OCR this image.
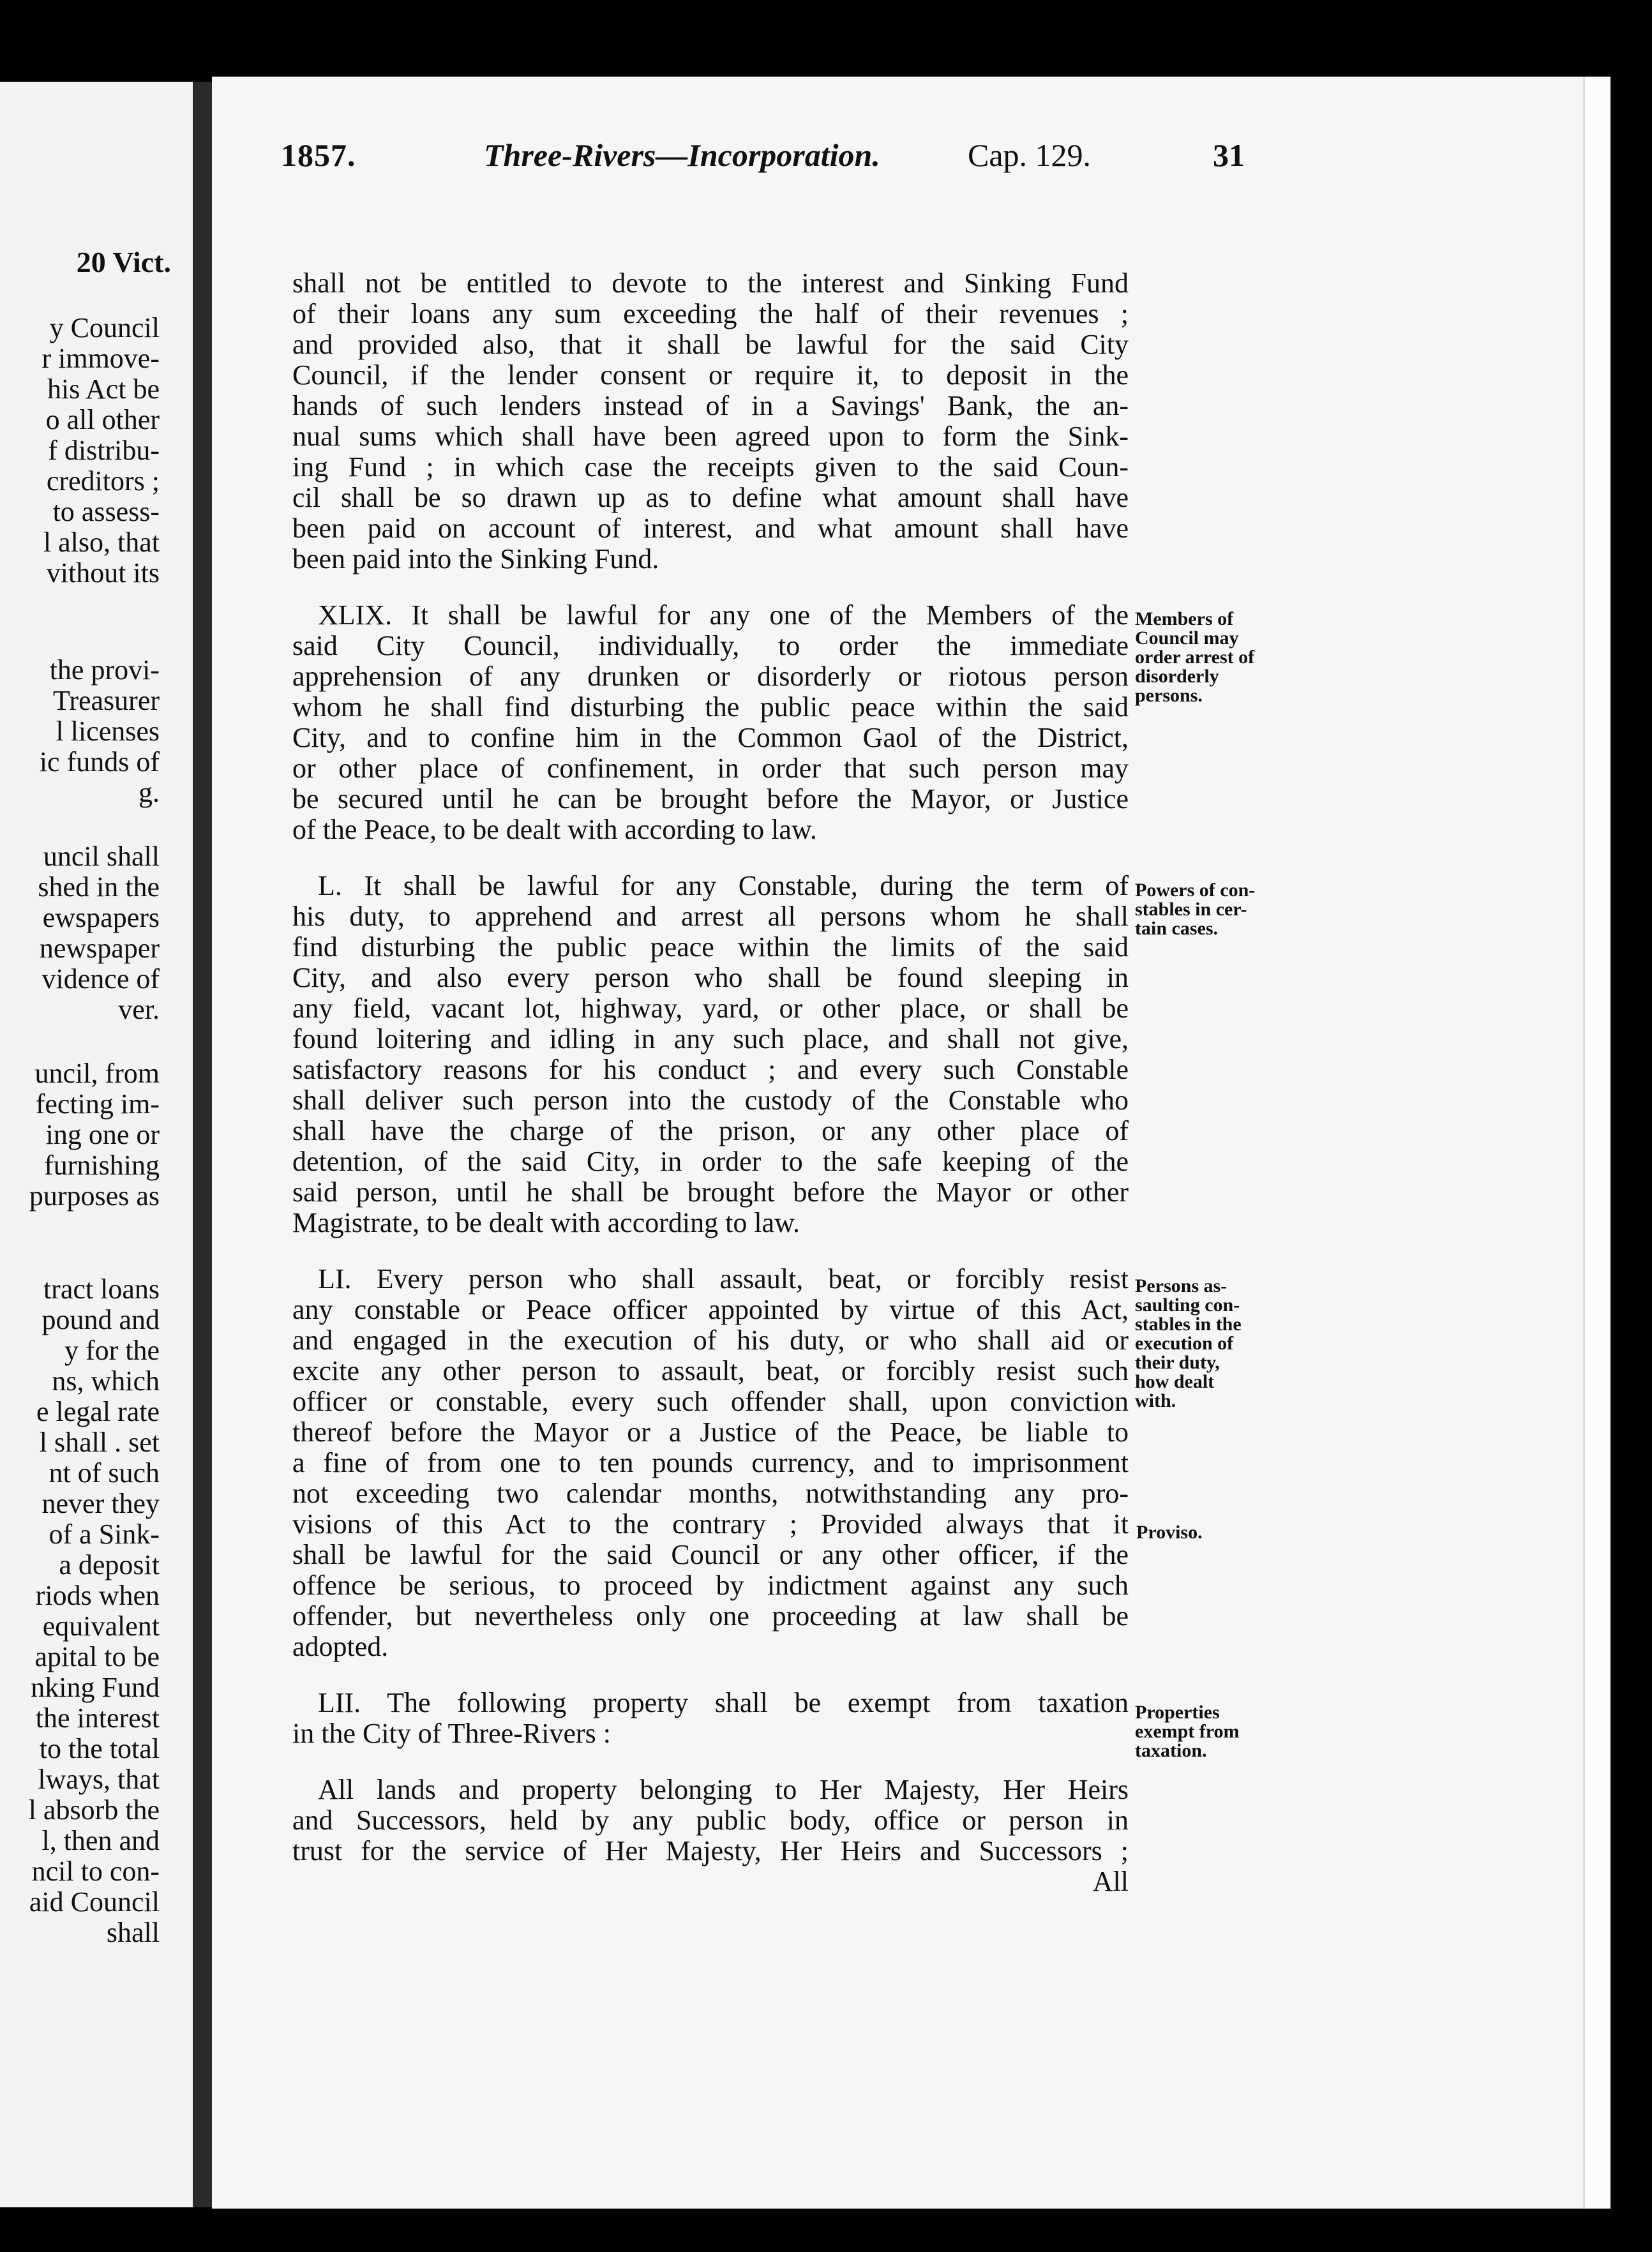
20 Vict.
y Council
r immove-
his Act be
o all other
f distribu-
creditors ;
to assess-
l also, that
vithout its
the provi-
Treasurer
l licenses
ic funds of
g.
uncil shall
shed in the
ewspapers
newspaper
vidence of
ver.
uncil, from
fecting im-
ing one or
furnishing
purposes as
tract loans
pound and
y for the
ns, which
e legal rate
l shall . set
nt of such
never they
of a Sink-
a deposit
riods when
equivalent
apital to be
nking Fund
the interest
to the total
lways, that
l absorb the
l, then and
ncil to con-
aid Council
shall
1857.	Three-Rivers—Incorporation.	Cap. 129.	31
shall not be entitled to devote to the interest and Sinking Fund
of their loans any sum exceeding the half of their revenues ;
and provided also, that it shall be lawful for the said City
Council, if the lender consent or require it, to deposit in the
hands of such lenders instead of in a Savings' Bank, the an-
nual sums which shall have been agreed upon to form the Sink-
ing Fund ; in which case the receipts given to the said Coun-
cil shall be so drawn up as to define what amount shall have
been paid on account of interest, and what amount shall have
been paid into the Sinking Fund.
XLIX. It shall be lawful for any one of the Members of the
said City Council, individually, to order the immediate
apprehension of any drunken or disorderly or riotous person
whom he shall find disturbing the public peace within the said
City, and to confine him in the Common Gaol of the District,
or other place of confinement, in order that such person may
be secured until he can be brought before the Mayor, or Justice
of the Peace, to be dealt with according to law.
L. It shall be lawful for any Constable, during the term of
his duty, to apprehend and arrest all persons whom he shall
find disturbing the public peace within the limits of the said
City, and also every person who shall be found sleeping in
any field, vacant lot, highway, yard, or other place, or shall be
found loitering and idling in any such place, and shall not give,
satisfactory reasons for his conduct ; and every such Constable
shall deliver such person into the custody of the Constable who
shall have the charge of the prison, or any other place of
detention, of the said City, in order to the safe keeping of the
said person, until he shall be brought before the Mayor or other
Magistrate, to be dealt with according to law.
LI. Every person who shall assault, beat, or forcibly resist
any constable or Peace officer appointed by virtue of this Act,
and engaged in the execution of his duty, or who shall aid or
excite any other person to assault, beat, or forcibly resist such
officer or constable, every such offender shall, upon conviction
thereof before the Mayor or a Justice of the Peace, be liable to
a fine of from one to ten pounds currency, and to imprisonment
not exceeding two calendar months, notwithstanding any pro-
visions of this Act to the contrary ; Provided always that it
shall be lawful for the said Council or any other officer, if the
offence be serious, to proceed by indictment against any such
offender, but nevertheless only one proceeding at law shall be
adopted.
LII. The following property shall be exempt from taxation
in the City of Three-Rivers :
All lands and property belonging to Her Majesty, Her Heirs
and Successors, held by any public body, office or person in
trust for the service of Her Majesty, Her Heirs and Successors ;
All
Members of
Council may
order arrest of
disorderly
persons.
Powers of con-
stables in cer-
tain cases.
Persons as-
saulting con-
stables in the
execution of
their duty,
how dealt
with.
Proviso.
Properties
exempt from
taxation.
